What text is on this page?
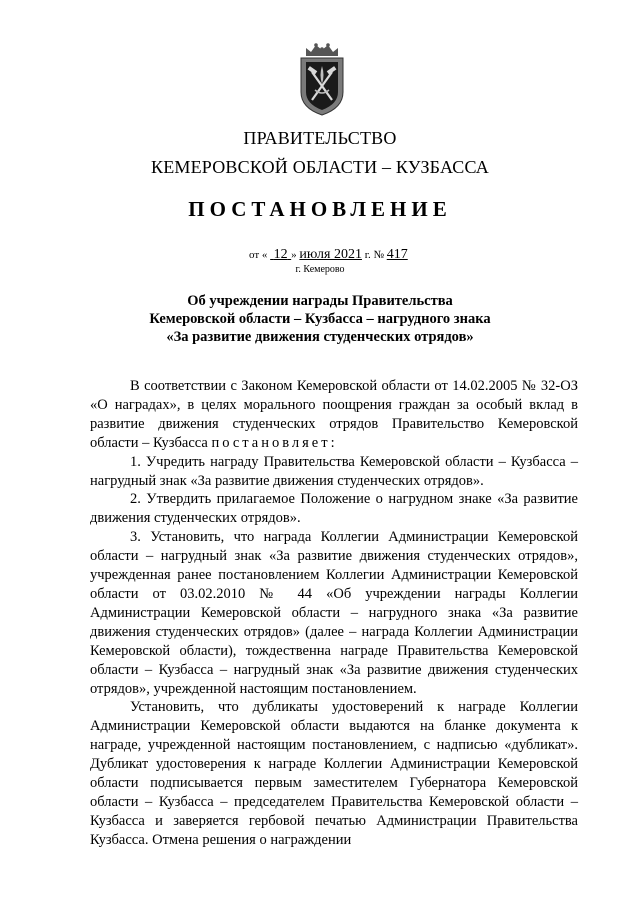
ПРАВИТЕЛЬСТВО
КЕМЕРОВСКОЙ ОБЛАСТИ – КУЗБАССА
ПОСТАНОВЛЕНИЕ
от « 12 » июля 2021 г. № 417
г. Кемерово
Об учреждении награды Правительства
Кемеровской области – Кузбасса – нагрудного знака
«За развитие движения студенческих отрядов»

В соответствии с Законом Кемеровской области от 14.02.2005 № 32-ОЗ «О наградах», в целях морального поощрения граждан за особый вклад в развитие движения студенческих отрядов Правительство Кемеровской области – Кузбасса постановляет:

1. Учредить награду Правительства Кемеровской области – Кузбасса – нагрудный знак «За развитие движения студенческих отрядов».

2. Утвердить прилагаемое Положение о нагрудном знаке «За развитие движения студенческих отрядов».

3. Установить, что награда Коллегии Администрации Кемеровской области – нагрудный знак «За развитие движения студенческих отрядов», учрежденная ранее постановлением Коллегии Администрации Кемеровской области от 03.02.2010 № 44 «Об учреждении награды Коллегии Администрации Кемеровской области – нагрудного знака «За развитие движения студенческих отрядов» (далее – награда Коллегии Администрации Кемеровской области), тождественна награде Правительства Кемеровской области – Кузбасса – нагрудный знак «За развитие движения студенческих отрядов», учрежденной настоящим постановлением.

Установить, что дубликаты удостоверений к награде Коллегии Администрации Кемеровской области выдаются на бланке документа к награде, учрежденной настоящим постановлением, с надписью «дубликат». Дубликат удостоверения к награде Коллегии Администрации Кемеровской области подписывается первым заместителем Губернатора Кемеровской области – Кузбасса – председателем Правительства Кемеровской области – Кузбасса и заверяется гербовой печатью Администрации Правительства Кузбасса. Отмена решения о награждении
